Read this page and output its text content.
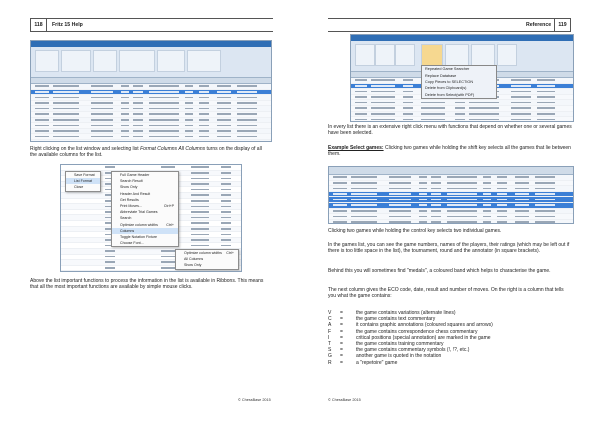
118	Fritz 15 Help

Right clicking on the list window and selecting list Format Columns All Columns turns on the display of all the available columns for the list.

Save Format
List Format
Close
Full Game Header
Search Result
Show Only
Header And Result
Get Results
Print Moves...	Ctrl+P
Abbreviate Trial Games
Search
Optimize column widths Ctrl+
Columns
Toggle Notation Fixture
Choose Font...
Optimize column widths Ctrl+
All Columns
Show Only

Above the list important functions to process the information in the list is available in Ribbons. This means that all the most important functions are available by simple mouse clicks.

© ChessBase 2015
Reference	119
Repeated Game Searcher
Replace Database
Copy Pieces to SELECTION
Delete from Clipboard(s)
Delete from Select(with PDF)

In every list there is an extensive right click menu with functions that depend on whether one or several games have been selected.

Example Select games: Clicking two games while holding the shift key selects all the games that lie between them.

Clicking two games while holding the control key selects two individual games.

In the games list, you can see the game numbers, names of the players, their ratings (which may be left out if there is too little space in the list), the tournament, round and the annotator (in square brackets).

Behind this you will sometimes find "medals", a coloured band which helps to characterise the game.

The next column gives the ECO code, date, result and number of moves. On the right is a column that tells you what the game contains:

V =	the game contains variations (alternate lines)
C =	the game contains text commentary
A =	it contains graphic annotations (coloured squares and arrows)
F =	the game contains correspondence chess commentary
I =	critical positions (special annotation) are marked in the game
T =	the game contains training commentary
S =	the game contains commentary symbols (!, !?, etc.)
G =	another game is quoted in the notation
R =	a "repetoire" game
© ChessBase 2015
